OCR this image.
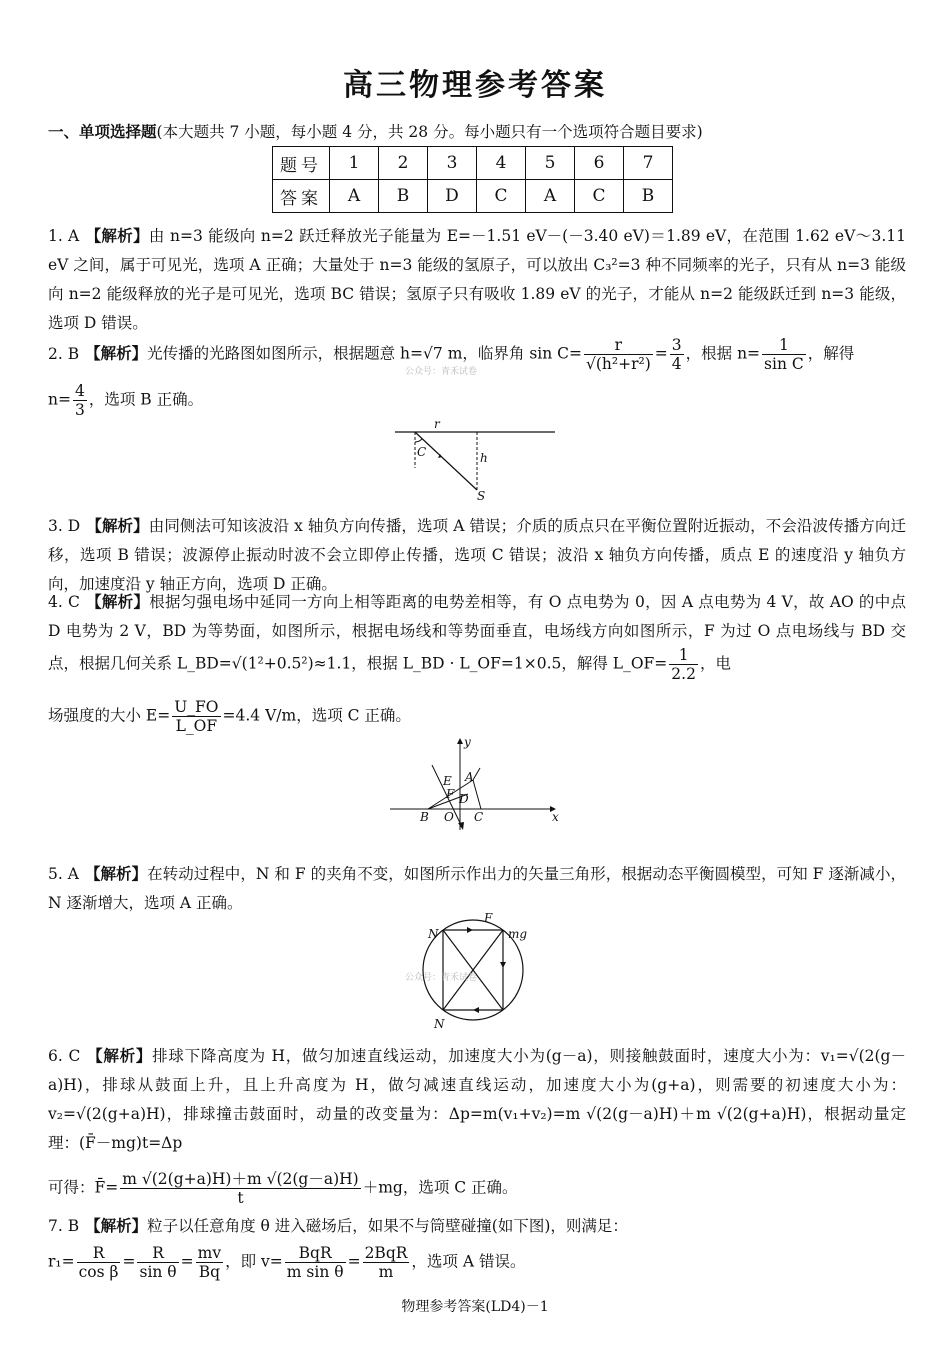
高三物理参考答案
一、单项选择题(本大题共 7 小题，每小题 4 分，共 28 分。每小题只有一个选项符合题目要求)
题号	1	2	3	4	5	6	7
答案	A	B	D	C	A	C	B
1. A 【解析】由 n=3 能级向 n=2 跃迁释放光子能量为 E=－1.51 eV－(－3.40 eV)＝1.89 eV，在范围 1.62 eV～3.11 eV 之间，属于可见光，选项 A 正确；大量处于 n=3 能级的氢原子，可以放出 C₃²=3 种不同频率的光子，只有从 n=3 能级向 n=2 能级释放的光子是可见光，选项 BC 错误；氢原子只有吸收 1.89 eV 的光子，才能从 n=2 能级跃迁到 n=3 能级，选项 D 错误。
2. B 【解析】光传播的光路图如图所示，根据题意 h=√7 m，临界角 $\sin C= \frac{r}{\text{√(h²+r²)}} = \frac{3}{4}$ ，根据 $n= \frac{1}{\text{sin C}}$ ，解得
公众号：青禾试卷
$n= \frac{4}{3}$ ，选项 B 正确。
r
C	h
S
3. D 【解析】由同侧法可知该波沿 x 轴负方向传播，选项 A 错误；介质的质点只在平衡位置附近振动，不会沿波传播方向迁移，选项 B 错误；波源停止振动时波不会立即停止传播，选项 C 错误；波沿 x 轴负方向传播，质点 E 的速度沿 y 轴负方向，加速度沿 y 轴正方向，选项 D 正确。
4. C 【解析】根据匀强电场中延同一方向上相等距离的电势差相等，有 O 点电势为 0，因 A 点电势为 4 V，故 AO 的中点 D 电势为 2 V，BD 为等势面，如图所示，根据电场线和等势面垂直，电场线方向如图所示，F 为过 O 点电场线与 BD 交点，根据几何关系 L_BD=√(1²+0.5²)≈1.1，根据 L_BD · L_OF=1×0.5，解得 L_OF= $\frac{1}{2.2}$ ，电
场强度的大小 $E= \frac{U\_FO}{L\_OF} =4.4$ V/m，选项 C 正确。
y
x
E A
F D
B O C
5. A 【解析】在转动过程中，N 和 F 的夹角不变，如图所示作出力的矢量三角形，根据动态平衡圆模型，可知 F 逐渐减小，N 逐渐增大，选项 A 正确。
F
mg
N
N
公众号：青禾试卷
6. C 【解析】排球下降高度为 H，做匀加速直线运动，加速度大小为(g－a)，则接触鼓面时，速度大小为：v₁=√(2(g－a)H)，排球从鼓面上升，且上升高度为 H，做匀减速直线运动，加速度大小为(g+a)，则需要的初速度大小为：v₂=√(2(g+a)H)，排球撞击鼓面时，动量的改变量为：Δp=m(v₁+v₂)=m √(2(g－a)H)＋m √(2(g+a)H)，根据动量定理：(F̄－mg)t=Δp
可得：F̄= $\frac{m √(2(g+a)H)+m √(2(g-a)H)}{t} +mg$，选项 C 正确。
7. B 【解析】粒子以任意角度 θ 进入磁场后，如果不与筒壁碰撞(如下图)，则满足：
$r_1= \frac{R}{\text{cos β}} = \frac{R}{\text{sin θ}} = \frac{mv}{Bq}$ ，即 $v= \frac{\text{BqR}}{\text{m sin θ}} = \frac{\text{2BqR}}{m}$ ，选项 A 错误。
物理参考答案(LD4)－1
